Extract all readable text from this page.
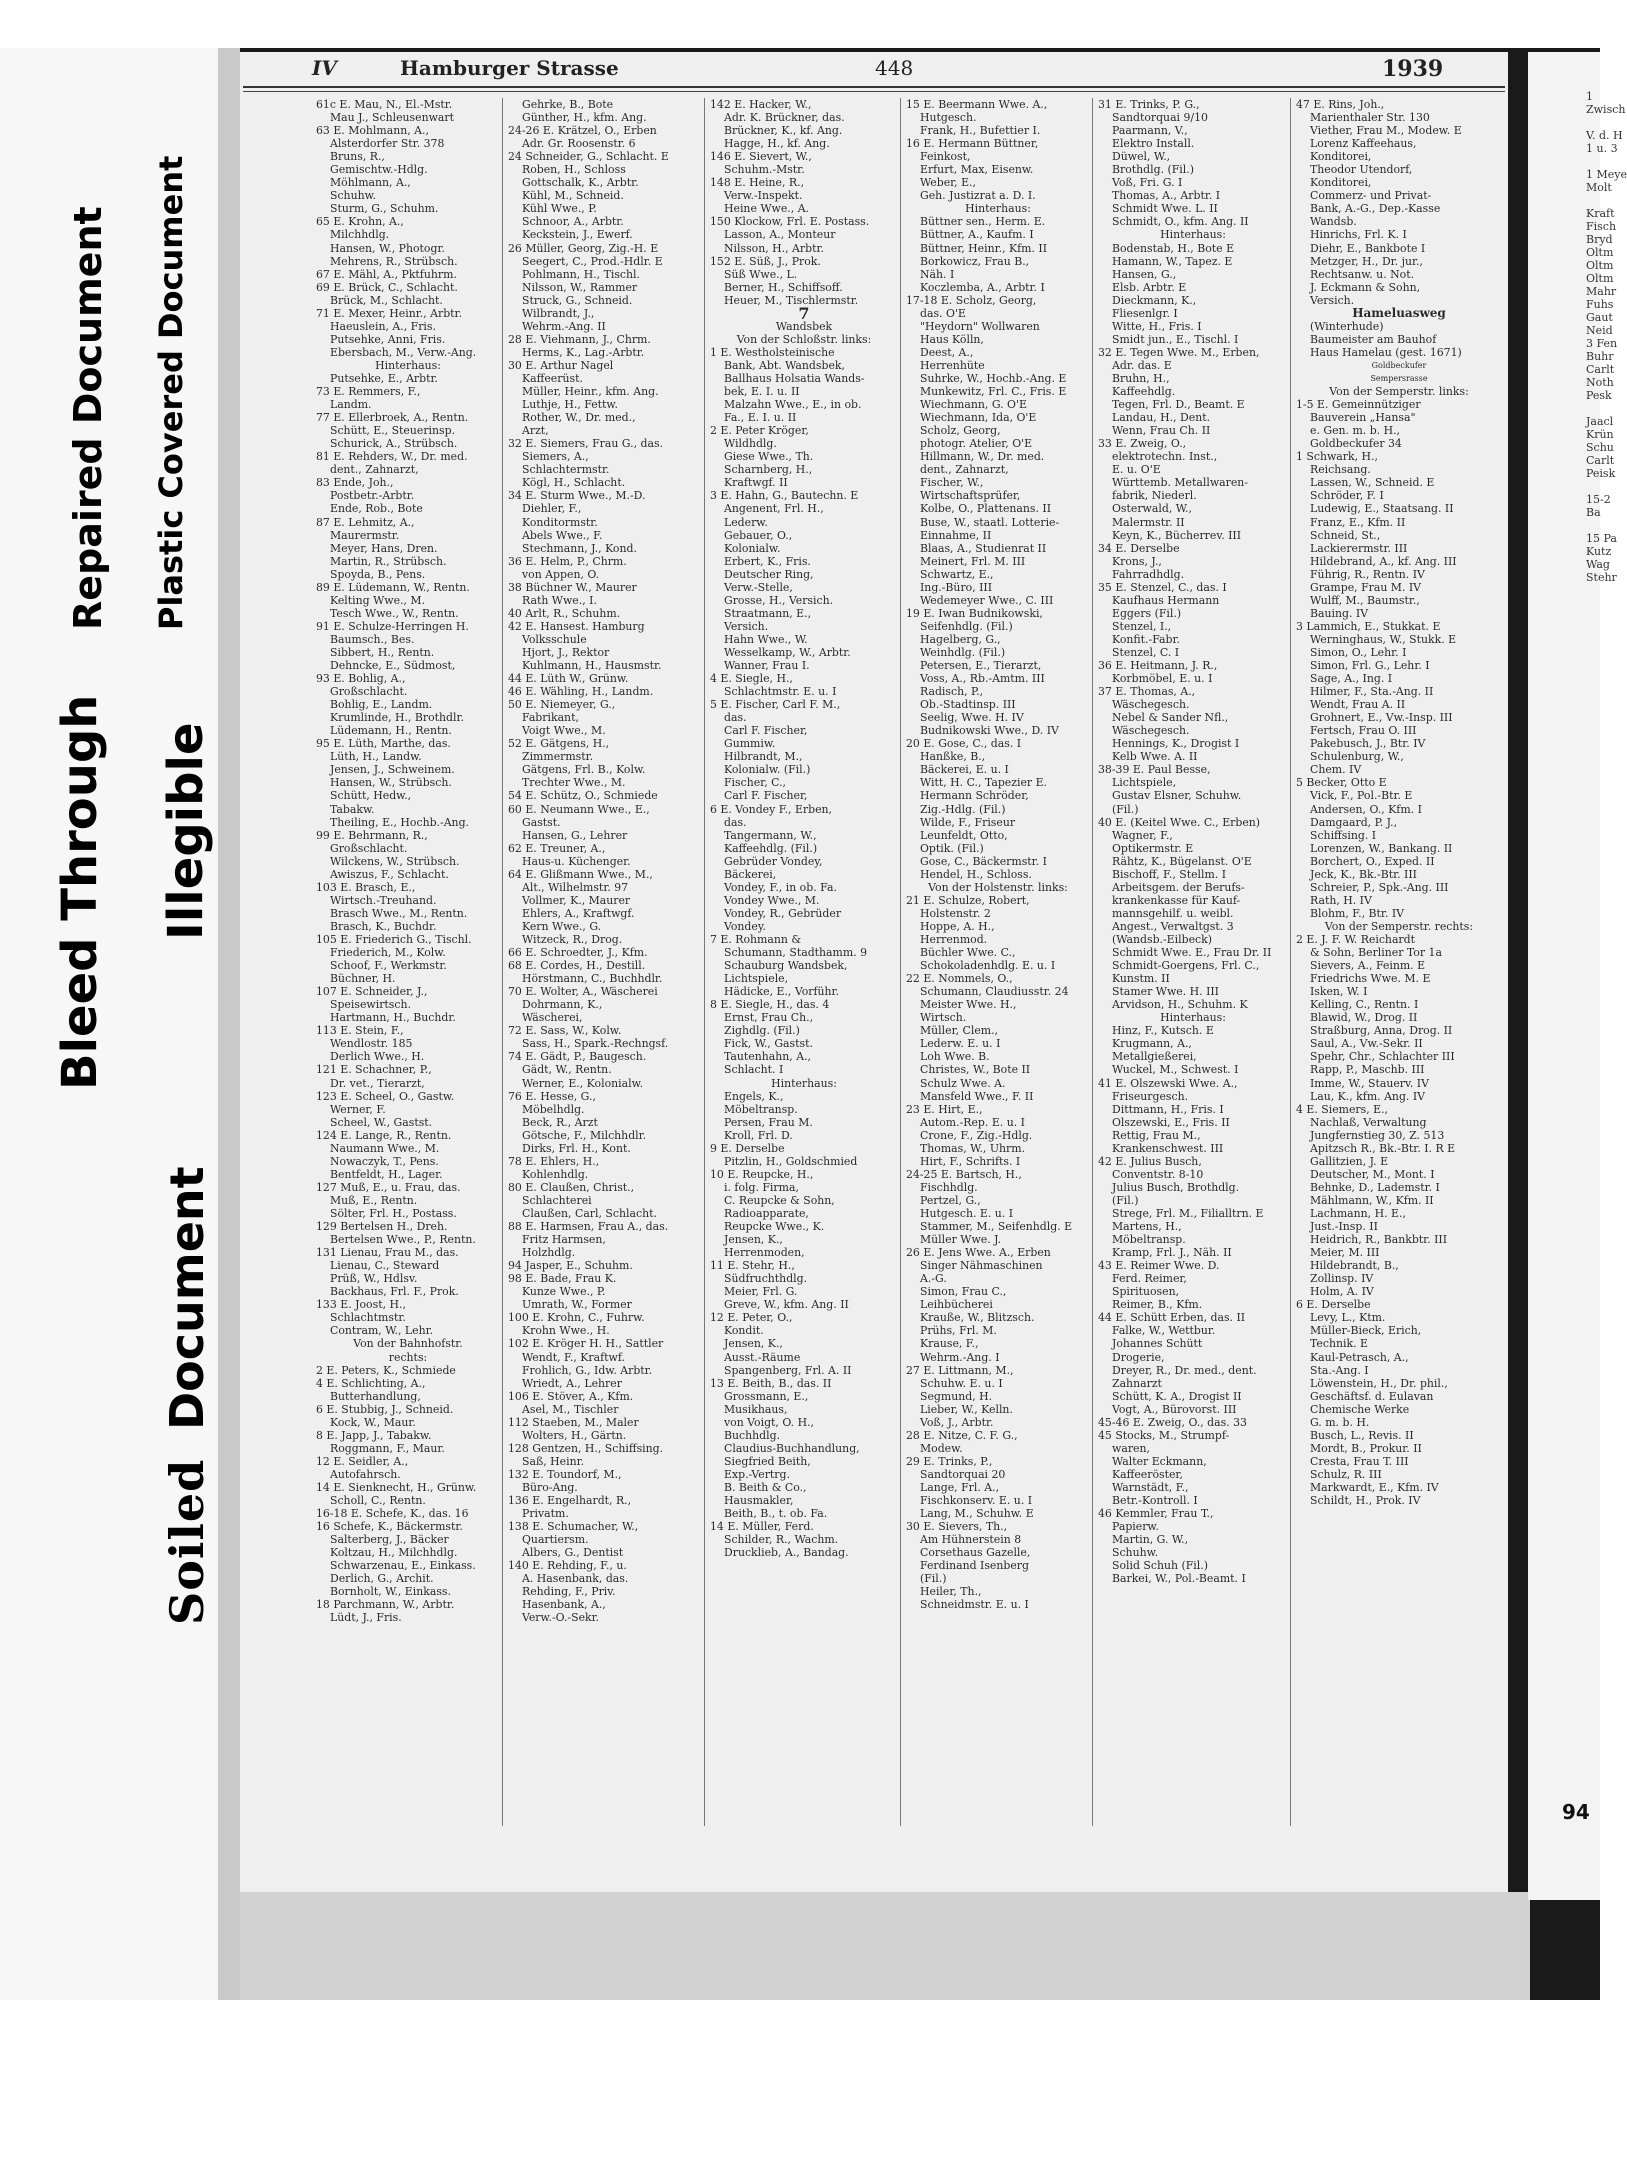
Bleed Through
Repaired Document
Illegible
Plastic Covered Document
Soiled
Document
IV	Hamburger Strasse	448	1939
61c E. Mau, N., El.-Mstr.
Mau J., Schleusenwart
63 E. Mohlmann, A.,
Alsterdorfer Str. 378
Bruns, R.,
Gemischtw.-Hdlg.
Möhlmann, A.,
Schuhw.
Sturm, G., Schuhm.
65 E. Krohn, A.,
Milchhdlg.
Hansen, W., Photogr.
Mehrens, R., Strübsch.
67 E. Mähl, A., Pktfuhrm.
69 E. Brück, C., Schlacht.
Brück, M., Schlacht.
71 E. Mexer, Heinr., Arbtr.
Haeuslein, A., Fris.
Putsehke, Anni, Fris.
Ebersbach, M., Verw.-Ang.
Hinterhaus:
Putsehke, E., Arbtr.
73 E. Remmers, F.,
Landm.
77 E. Ellerbroek, A., Rentn.
Schütt, E., Steuerinsp.
Schurick, A., Strübsch.
81 E. Rehders, W., Dr. med.
dent., Zahnarzt,
83 Ende, Joh.,
Postbetr.-Arbtr.
Ende, Rob., Bote
87 E. Lehmitz, A.,
Maurermstr.
Meyer, Hans, Dren.
Martin, R., Strübsch.
Spoyda, B., Pens.
89 E. Lüdemann, W., Rentn.
Kelting Wwe., M.
Tesch Wwe., W., Rentn.
91 E. Schulze-Herringen H.
Baumsch., Bes.
Sibbert, H., Rentn.
Dehncke, E., Südmost,
93 E. Bohlig, A.,
Großschlacht.
Bohlig, E., Landm.
Krumlinde, H., Brothdlr.
Lüdemann, H., Rentn.
95 E. Lüth, Marthe, das.
Lüth, H., Landw.
Jensen, J., Schweinem.
Hansen, W., Strübsch.
Schütt, Hedw.,
Tabakw.
Theiling, E., Hochb.-Ang.
99 E. Behrmann, R.,
Großschlacht.
Wilckens, W., Strübsch.
Awiszus, F., Schlacht.
103 E. Brasch, E.,
Wirtsch.-Treuhand.
Brasch Wwe., M., Rentn.
Brasch, K., Buchdr.
105 E. Friederich G., Tischl.
Friederich, M., Kolw.
Schoof, F., Werkmstr.
Büchner, H.
107 E. Schneider, J.,
Speisewirtsch.
Hartmann, H., Buchdr.
113 E. Stein, F.,
Wendlostr. 185
Derlich Wwe., H.
121 E. Schachner, P.,
Dr. vet., Tierarzt,
123 E. Scheel, O., Gastw.
Werner, F.
Scheel, W., Gastst.
124 E. Lange, R., Rentn.
Naumann Wwe., M.
Nowaczyk, T., Pens.
Bentfeldt, H., Lager.
127 Muß, E., u. Frau, das.
Muß, E., Rentn.
Sölter, Frl. H., Postass.
129 Bertelsen H., Dreh.
Bertelsen Wwe., P., Rentn.
131 Lienau, Frau M., das.
Lienau, C., Steward
Prüß, W., Hdlsv.
Backhaus, Frl. F., Prok.
133 E. Joost, H.,
Schlachtmstr.
Contram, W., Lehr.
Von der Bahnhofstr.
rechts:
2 E. Peters, K., Schmiede
4 E. Schlichting, A.,
Butterhandlung,
6 E. Stubbig, J., Schneid.
Kock, W., Maur.
8 E. Japp, J., Tabakw.
Roggmann, F., Maur.
12 E. Seidler, A.,
Autofahrsch.
14 E. Sienknecht, H., Grünw.
Scholl, C., Rentn.
16-18 E. Schefe, K., das. 16
16 Schefe, K., Bäckermstr.
Salterberg, J., Bäcker
Koltzau, H., Milchhdlg.
Schwarzenau, E., Einkass.
Derlich, G., Archit.
Bornholt, W., Einkass.
18 Parchmann, W., Arbtr.
Lüdt, J., Fris.
Gehrke, B., Bote
Günther, H., kfm. Ang.
24-26 E. Krätzel, O., Erben
Adr. Gr. Roosenstr. 6
24 Schneider, G., Schlacht. E
Roben, H., Schloss
Gottschalk, K., Arbtr.
Kühl, M., Schneid.
Kühl Wwe., P.
Schnoor, A., Arbtr.
Keckstein, J., Ewerf.
26 Müller, Georg, Zig.-H. E
Seegert, C., Prod.-Hdlr. E
Pohlmann, H., Tischl.
Nilsson, W., Rammer
Struck, G., Schneid.
Wilbrandt, J.,
Wehrm.-Ang. II
28 E. Viehmann, J., Chrm.
Herms, K., Lag.-Arbtr.
30 E. Arthur Nagel
Kaffeerüst.
Müller, Heinr., kfm. Ang.
Luthje, H., Fettw.
Rother, W., Dr. med.,
Arzt,
32 E. Siemers, Frau G., das.
Siemers, A.,
Schlachtermstr.
Kögl, H., Schlacht.
34 E. Sturm Wwe., M.-D.
Diehler, F.,
Konditormstr.
Abels Wwe., F.
Stechmann, J., Kond.
36 E. Helm, P., Chrm.
von Appen, O.
38 Büchner W., Maurer
Rath Wwe., I.
40 Arlt, R., Schuhm.
42 E. Hansest. Hamburg
Volksschule
Hjort, J., Rektor
Kuhlmann, H., Hausmstr.
44 E. Lüth W., Grünw.
46 E. Wähling, H., Landm.
50 E. Niemeyer, G.,
Fabrikant,
Voigt Wwe., M.
52 E. Gätgens, H.,
Zimmermstr.
Gätgens, Frl. B., Kolw.
Trechter Wwe., M.
54 E. Schütz, O., Schmiede
60 E. Neumann Wwe., E.,
Gastst.
Hansen, G., Lehrer
62 E. Treuner, A.,
Haus-u. Küchenger.
64 E. Glißmann Wwe., M.,
Alt., Wilhelmstr. 97
Vollmer, K., Maurer
Ehlers, A., Kraftwgf.
Kern Wwe., G.
Witzeck, R., Drog.
66 E. Schroedter, J., Kfm.
68 E. Cordes, H., Destill.
Hörstmann, C., Buchhdlr.
70 E. Wolter, A., Wäscherei
Dohrmann, K.,
Wäscherei,
72 E. Sass, W., Kolw.
Sass, H., Spark.-Rechngsf.
74 E. Gädt, P., Baugesch.
Gädt, W., Rentn.
Werner, E., Kolonialw.
76 E. Hesse, G.,
Möbelhdlg.
Beck, R., Arzt
Götsche, F., Milchhdlr.
Dirks, Frl. H., Kont.
78 E. Ehlers, H.,
Kohlenhdlg.
80 E. Claußen, Christ.,
Schlachterei
Claußen, Carl, Schlacht.
88 E. Harmsen, Frau A., das.
Fritz Harmsen,
Holzhdlg.
94 Jasper, E., Schuhm.
98 E. Bade, Frau K.
Kunze Wwe., P.
Umrath, W., Former
100 E. Krohn, C., Fuhrw.
Krohn Wwe., H.
102 E. Kröger H. H., Sattler
Wendt, F., Kraftwf.
Frohlich, G., Idw. Arbtr.
Wriedt, A., Lehrer
106 E. Stöver, A., Kfm.
Asel, M., Tischler
112 Staeben, M., Maler
Wolters, H., Gärtn.
128 Gentzen, H., Schiffsing.
Saß, Heinr.
132 E. Toundorf, M.,
Büro-Ang.
136 E. Engelhardt, R.,
Privatm.
138 E. Schumacher, W.,
Quartiersm.
Albers, G., Dentist
140 E. Rehding, F., u.
A. Hasenbank, das.
Rehding, F., Priv.
Hasenbank, A.,
Verw.-O.-Sekr.
142 E. Hacker, W.,
Adr. K. Brückner, das.
Brückner, K., kf. Ang.
Hagge, H., kf. Ang.
146 E. Sievert, W.,
Schuhm.-Mstr.
148 E. Heine, R.,
Verw.-Inspekt.
Heine Wwe., A.
150 Klockow, Frl. E. Postass.
Lasson, A., Monteur
Nilsson, H., Arbtr.
152 E. Süß, J., Prok.
Süß Wwe., L.
Berner, H., Schiffsoff.
Heuer, M., Tischlermstr.
7
Wandsbek
Von der Schloßstr. links:
1 E. Westholsteinische
Bank, Abt. Wandsbek,
Ballhaus Holsatia Wands-
bek, E. I. u. II
Malzahn Wwe., E., in ob.
Fa., E. I. u. II
2 E. Peter Kröger,
Wildhdlg.
Giese Wwe., Th.
Scharnberg, H.,
Kraftwgf. II
3 E. Hahn, G., Bautechn. E
Angenent, Frl. H.,
Lederw.
Gebauer, O.,
Kolonialw.
Erbert, K., Fris.
Deutscher Ring,
Verw.-Stelle,
Grosse, H., Versich.
Straatmann, E.,
Versich.
Hahn Wwe., W.
Wesselkamp, W., Arbtr.
Wanner, Frau I.
4 E. Siegle, H.,
Schlachtmstr. E. u. I
5 E. Fischer, Carl F. M.,
das.
Carl F. Fischer,
Gummiw.
Hilbrandt, M.,
Kolonialw. (Fil.)
Fischer, C.,
Carl F. Fischer,
6 E. Vondey F., Erben,
das.
Tangermann, W.,
Kaffeehdlg. (Fil.)
Gebrüder Vondey,
Bäckerei,
Vondey, F., in ob. Fa.
Vondey Wwe., M.
Vondey, R., Gebrüder
Vondey.
7 E. Rohmann &
Schumann, Stadthamm. 9
Schauburg Wandsbek,
Lichtspiele,
Hädicke, E., Vorführ.
8 E. Siegle, H., das. 4
Ernst, Frau Ch.,
Zighdlg. (Fil.)
Fick, W., Gastst.
Tautenhahn, A.,
Schlacht. I
Hinterhaus:
Engels, K.,
Möbeltransp.
Persen, Frau M.
Kroll, Frl. D.
9 E. Derselbe
Pitzlin, H., Goldschmied
10 E. Reupcke, H.,
i. folg. Firma,
C. Reupcke & Sohn,
Radioapparate,
Reupcke Wwe., K.
Jensen, K.,
Herrenmoden,
11 E. Stehr, H.,
Südfruchthdlg.
Meier, Frl. G.
Greve, W., kfm. Ang. II
12 E. Peter, O.,
Kondit.
Jensen, K.,
Ausst.-Räume
Spangenberg, Frl. A. II
13 E. Beith, B., das. II
Grossmann, E.,
Musikhaus,
von Voigt, O. H.,
Buchhdlg.
Claudius-Buchhandlung,
Siegfried Beith,
Exp.-Vertrg.
B. Beith & Co.,
Hausmakler,
Beith, B., t. ob. Fa.
14 E. Müller, Ferd.
Schilder, R., Wachm.
Drucklieb, A., Bandag.
15 E. Beermann Wwe. A.,
Hutgesch.
Frank, H., Bufettier I.
16 E. Hermann Büttner,
Feinkost,
Erfurt, Max, Eisenw.
Weber, E.,
Geh. Justizrat a. D. I.
Hinterhaus:
Büttner sen., Herm. E.
Büttner, A., Kaufm. I
Büttner, Heinr., Kfm. II
Borkowicz, Frau B.,
Näh. I
Koczlemba, A., Arbtr. I
17-18 E. Scholz, Georg,
das. O'E
"Heydorn" Wollwaren
Haus Kölln,
Deest, A.,
Herrenhüte
Suhrke, W., Hochb.-Ang. E
Munkewitz, Frl. C., Fris. E
Wiechmann, G. O'E
Wiechmann, Ida, O'E
Scholz, Georg,
photogr. Atelier, O'E
Hillmann, W., Dr. med.
dent., Zahnarzt,
Fischer, W.,
Wirtschaftsprüfer,
Kolbe, O., Plattenans. II
Buse, W., staatl. Lotterie-
Einnahme, II
Blaas, A., Studienrat II
Meinert, Frl. M. III
Schwartz, E.,
Ing.-Büro, III
Wedemeyer Wwe., C. III
19 E. Iwan Budnikowski,
Seifenhdlg. (Fil.)
Hagelberg, G.,
Weinhdlg. (Fil.)
Petersen, E., Tierarzt,
Voss, A., Rb.-Amtm. III
Radisch, P.,
Ob.-Stadtinsp. III
Seelig, Wwe. H. IV
Budnikowski Wwe., D. IV
20 E. Gose, C., das. I
Hanßke, B.,
Bäckerei, E. u. I
Witt, H. C., Tapezier E.
Hermann Schröder,
Zig.-Hdlg. (Fil.)
Wilde, F., Friseur
Leunfeldt, Otto,
Optik. (Fil.)
Gose, C., Bäckermstr. I
Hendel, H., Schloss.
Von der Holstenstr. links:
21 E. Schulze, Robert,
Holstenstr. 2
Hoppe, A. H.,
Herrenmod.
Büchler Wwe. C.,
Schokoladenhdlg. E. u. I
22 E. Nommels, O.,
Schumann, Claudiusstr. 24
Meister Wwe. H.,
Wirtsch.
Müller, Clem.,
Lederw. E. u. I
Loh Wwe. B.
Christes, W., Bote II
Schulz Wwe. A.
Mansfeld Wwe., F. II
23 E. Hirt, E.,
Autom.-Rep. E. u. I
Crone, F., Zig.-Hdlg.
Thomas, W., Uhrm.
Hirt, F., Schrifts. I
24-25 E. Bartsch, H.,
Fischhdlg.
Pertzel, G.,
Hutgesch. E. u. I
Stammer, M., Seifenhdlg. E
Müller Wwe. J.
26 E. Jens Wwe. A., Erben
Singer Nähmaschinen
A.-G.
Simon, Frau C.,
Leihbücherei
Krauße, W., Blitzsch.
Prühs, Frl. M.
Krause, F.,
Wehrm.-Ang. I
27 E. Littmann, M.,
Schuhw. E. u. I
Segmund, H.
Lieber, W., Kelln.
Voß, J., Arbtr.
28 E. Nitze, C. F. G.,
Modew.
29 E. Trinks, P.,
Sandtorquai 20
Lange, Frl. A.,
Fischkonserv. E. u. I
Lang, M., Schuhw. E
30 E. Sievers, Th.,
Am Hühnerstein 8
Corsethaus Gazelle,
Ferdinand Isenberg
(Fil.)
Heiler, Th.,
Schneidmstr. E. u. I
31 E. Trinks, P. G.,
Sandtorquai 9/10
Paarmann, V.,
Elektro Install.
Düwel, W.,
Brothdlg. (Fil.)
Voß, Fri. G. I
Thomas, A., Arbtr. I
Schmidt Wwe. L. II
Schmidt, O., kfm. Ang. II
Hinterhaus:
Bodenstab, H., Bote E
Hamann, W., Tapez. E
Hansen, G.,
Elsb. Arbtr. E
Dieckmann, K.,
Fliesenlgr. I
Witte, H., Fris. I
Smidt jun., E., Tischl. I
32 E. Tegen Wwe. M., Erben,
Adr. das. E
Bruhn, H.,
Kaffeehdlg.
Tegen, Frl. D., Beamt. E
Landau, H., Dent.
Wenn, Frau Ch. II
33 E. Zweig, O.,
elektrotechn. Inst.,
E. u. O'E
Württemb. Metallwaren-
fabrik, Niederl.
Osterwald, W.,
Malermstr. II
Keyn, K., Bücherrev. III
34 E. Derselbe
Krons, J.,
Fahrradhdlg.
35 E. Stenzel, C., das. I
Kaufhaus Hermann
Eggers (Fil.)
Stenzel, I.,
Konfit.-Fabr.
Stenzel, C. I
36 E. Heitmann, J. R.,
Korbmöbel, E. u. I
37 E. Thomas, A.,
Wäschegesch.
Nebel & Sander Nfl.,
Wäschegesch.
Hennings, K., Drogist I
Kelb Wwe. A. II
38-39 E. Paul Besse,
Lichtspiele,
Gustav Elsner, Schuhw.
(Fil.)
40 E. (Keitel Wwe. C., Erben)
Wagner, F.,
Optikermstr. E
Rähtz, K., Bügelanst. O'E
Bischoff, F., Stellm. I
Arbeitsgem. der Berufs-
krankenkasse für Kauf-
mannsgehilf. u. weibl.
Angest., Verwaltgst. 3
(Wandsb.-Eilbeck)
Schmidt Wwe. E., Frau Dr. II
Schmidt-Goergens, Frl. C.,
Kunstm. II
Stamer Wwe. H. III
Arvidson, H., Schuhm. K
Hinterhaus:
Hinz, F., Kutsch. E
Krugmann, A.,
Metallgießerei,
Wuckel, M., Schwest. I
41 E. Olszewski Wwe. A.,
Friseurgesch.
Dittmann, H., Fris. I
Olszewski, E., Fris. II
Rettig, Frau M.,
Krankenschwest. III
42 E. Julius Busch,
Conventstr. 8-10
Julius Busch, Brothdlg.
(Fil.)
Strege, Frl. M., Filialltrn. E
Martens, H.,
Möbeltransp.
Kramp, Frl. J., Näh. II
43 E. Reimer Wwe. D.
Ferd. Reimer,
Spirituosen,
Reimer, B., Kfm.
44 E. Schütt Erben, das. II
Falke, W., Wettbur.
Johannes Schütt
Drogerie,
Dreyer, R., Dr. med., dent.
Zahnarzt
Schütt, K. A., Drogist II
Vogt, A., Bürovorst. III
45-46 E. Zweig, O., das. 33
45 Stocks, M., Strumpf-
waren,
Walter Eckmann,
Kaffeeröster,
Warnstädt, F.,
Betr.-Kontroll. I
46 Kemmler, Frau T.,
Papierw.
Martin, G. W.,
Schuhw.
Solid Schuh (Fil.)
Barkei, W., Pol.-Beamt. I
47 E. Rins, Joh.,
Marienthaler Str. 130
Viether, Frau M., Modew. E
Lorenz Kaffeehaus,
Konditorei,
Theodor Utendorf,
Konditorei,
Commerz- und Privat-
Bank, A.-G., Dep.-Kasse
Wandsb.
Hinrichs, Frl. K. I
Diehr, E., Bankbote I
Metzger, H., Dr. jur.,
Rechtsanw. u. Not.
J. Eckmann & Sohn,
Versich.
Hameluasweg
(Winterhude)
Baumeister am Bauhof
Haus Hamelau (gest. 1671)
Goldbeckufer
Sempersrasse
Von der Semperstr. links:
1-5 E. Gemeinnütziger
Bauverein „Hansa"
e. Gen. m. b. H.,
Goldbeckufer 34
1 Schwark, H.,
Reichsang.
Lassen, W., Schneid. E
Schröder, F. I
Ludewig, E., Staatsang. II
Franz, E., Kfm. II
Schneid, St.,
Lackierermstr. III
Hildebrand, A., kf. Ang. III
Führig, R., Rentn. IV
Grampe, Frau M. IV
Wulff, M., Baumstr.,
Bauing. IV
3 Lammich, E., Stukkat. E
Werninghaus, W., Stukk. E
Simon, O., Lehr. I
Simon, Frl. G., Lehr. I
Sage, A., Ing. I
Hilmer, F., Sta.-Ang. II
Wendt, Frau A. II
Grohnert, E., Vw.-Insp. III
Fertsch, Frau O. III
Pakebusch, J., Btr. IV
Schulenburg, W.,
Chem. IV
5 Becker, Otto E
Vick, F., Pol.-Btr. E
Andersen, O., Kfm. I
Damgaard, P. J.,
Schiffsing. I
Lorenzen, W., Bankang. II
Borchert, O., Exped. II
Jeck, K., Bk.-Btr. III
Schreier, P., Spk.-Ang. III
Rath, H. IV
Blohm, F., Btr. IV
Von der Semperstr. rechts:
2 E. J. F. W. Reichardt
& Sohn, Berliner Tor 1a
Sievers, A., Feinm. E
Friedrichs Wwe. M. E
Isken, W. I
Kelling, C., Rentn. I
Blawid, W., Drog. II
Straßburg, Anna, Drog. II
Saul, A., Vw.-Sekr. II
Spehr, Chr., Schlachter III
Rapp, P., Maschb. III
Imme, W., Stauerv. IV
Lau, K., kfm. Ang. IV
4 E. Siemers, E.,
Nachlaß, Verwaltung
Jungfernstieg 30, Z. 513
Apitzsch R., Bk.-Btr. I. R E
Gallitzien, J. E
Deutscher, M., Mont. I
Behnke, D., Lademstr. I
Mählmann, W., Kfm. II
Lachmann, H. E.,
Just.-Insp. II
Heidrich, R., Bankbtr. III
Meier, M. III
Hildebrandt, B.,
Zollinsp. IV
Holm, A. IV
6 E. Derselbe
Levy, L., Ktm.
Müller-Bieck, Erich,
Technik. E
Kaul-Petrasch, A.,
Sta.-Ang. I
Löwenstein, H., Dr. phil.,
Geschäftsf. d. Eulavan
Chemische Werke
G. m. b. H.
Busch, L., Revis. II
Mordt, B., Prokur. II
Cresta, Frau T. III
Schulz, R. III
Markwardt, E., Kfm. IV
Schildt, H., Prok. IV
1
Zwisch
V. d. H
1 u. 3
1 Meye
Molt
Kraft
Fisch
Bryd
Oltm
Oltm
Oltm
Mahr
Fuhs
Gaut
Neid
3 Fen
Buhr
Carlt
Noth
Pesk
Jaacl
Krün
Schu
Carlt
Peisk
15-2
Ba
15 Pa
Kutz
Wag
Stehr
94
